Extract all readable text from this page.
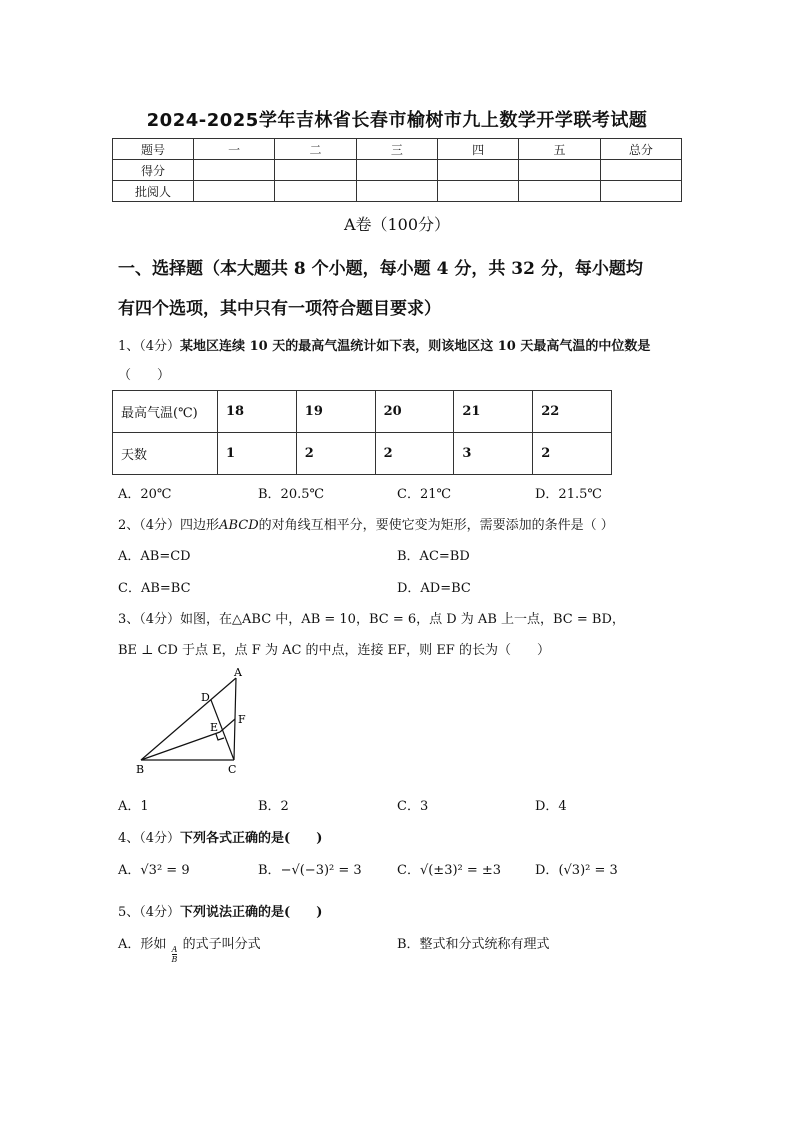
2024-2025学年吉林省长春市榆树市九上数学开学联考试题
题号	一	二	三	四	五	总分
得分						
批阅人						
A卷（100分）
一、选择题（本大题共 8 个小题，每小题 4 分，共 32 分，每小题均
有四个选项，其中只有一项符合题目要求）
1、（4分）某地区连续 10 天的最高气温统计如下表，则该地区这 10 天最高气温的中位数是
（　　）
最高气温(℃)	18	19	20	21	22
天数	1	2	2	3	2
A．20℃	B．20.5℃	C．21℃	D．21.5℃
2、（4分）四边形ABCD的对角线互相平分，要使它变为矩形，需要添加的条件是（ ）
A．AB=CD	B．AC=BD
C．AB=BC	D．AD=BC
3、（4分）如图，在△ABC 中，AB = 10，BC = 6，点 D 为 AB 上一点，BC = BD，
BE ⊥ CD 于点 E，点 F 为 AC 的中点，连接 EF，则 EF 的长为（　　）
A
D
E
F
B	C
A．1	B．2	C．3	D．4
4、（4分）下列各式正确的是(　　)
A．√3² = 9	B．−√(−3)² = 3	C．√(±3)² = ±3	D．(√3)² = 3
5、（4分）下列说法正确的是(　　)
A．形如
$\frac{A}{B}$
的式子叫分式	B．整式和分式统称有理式
